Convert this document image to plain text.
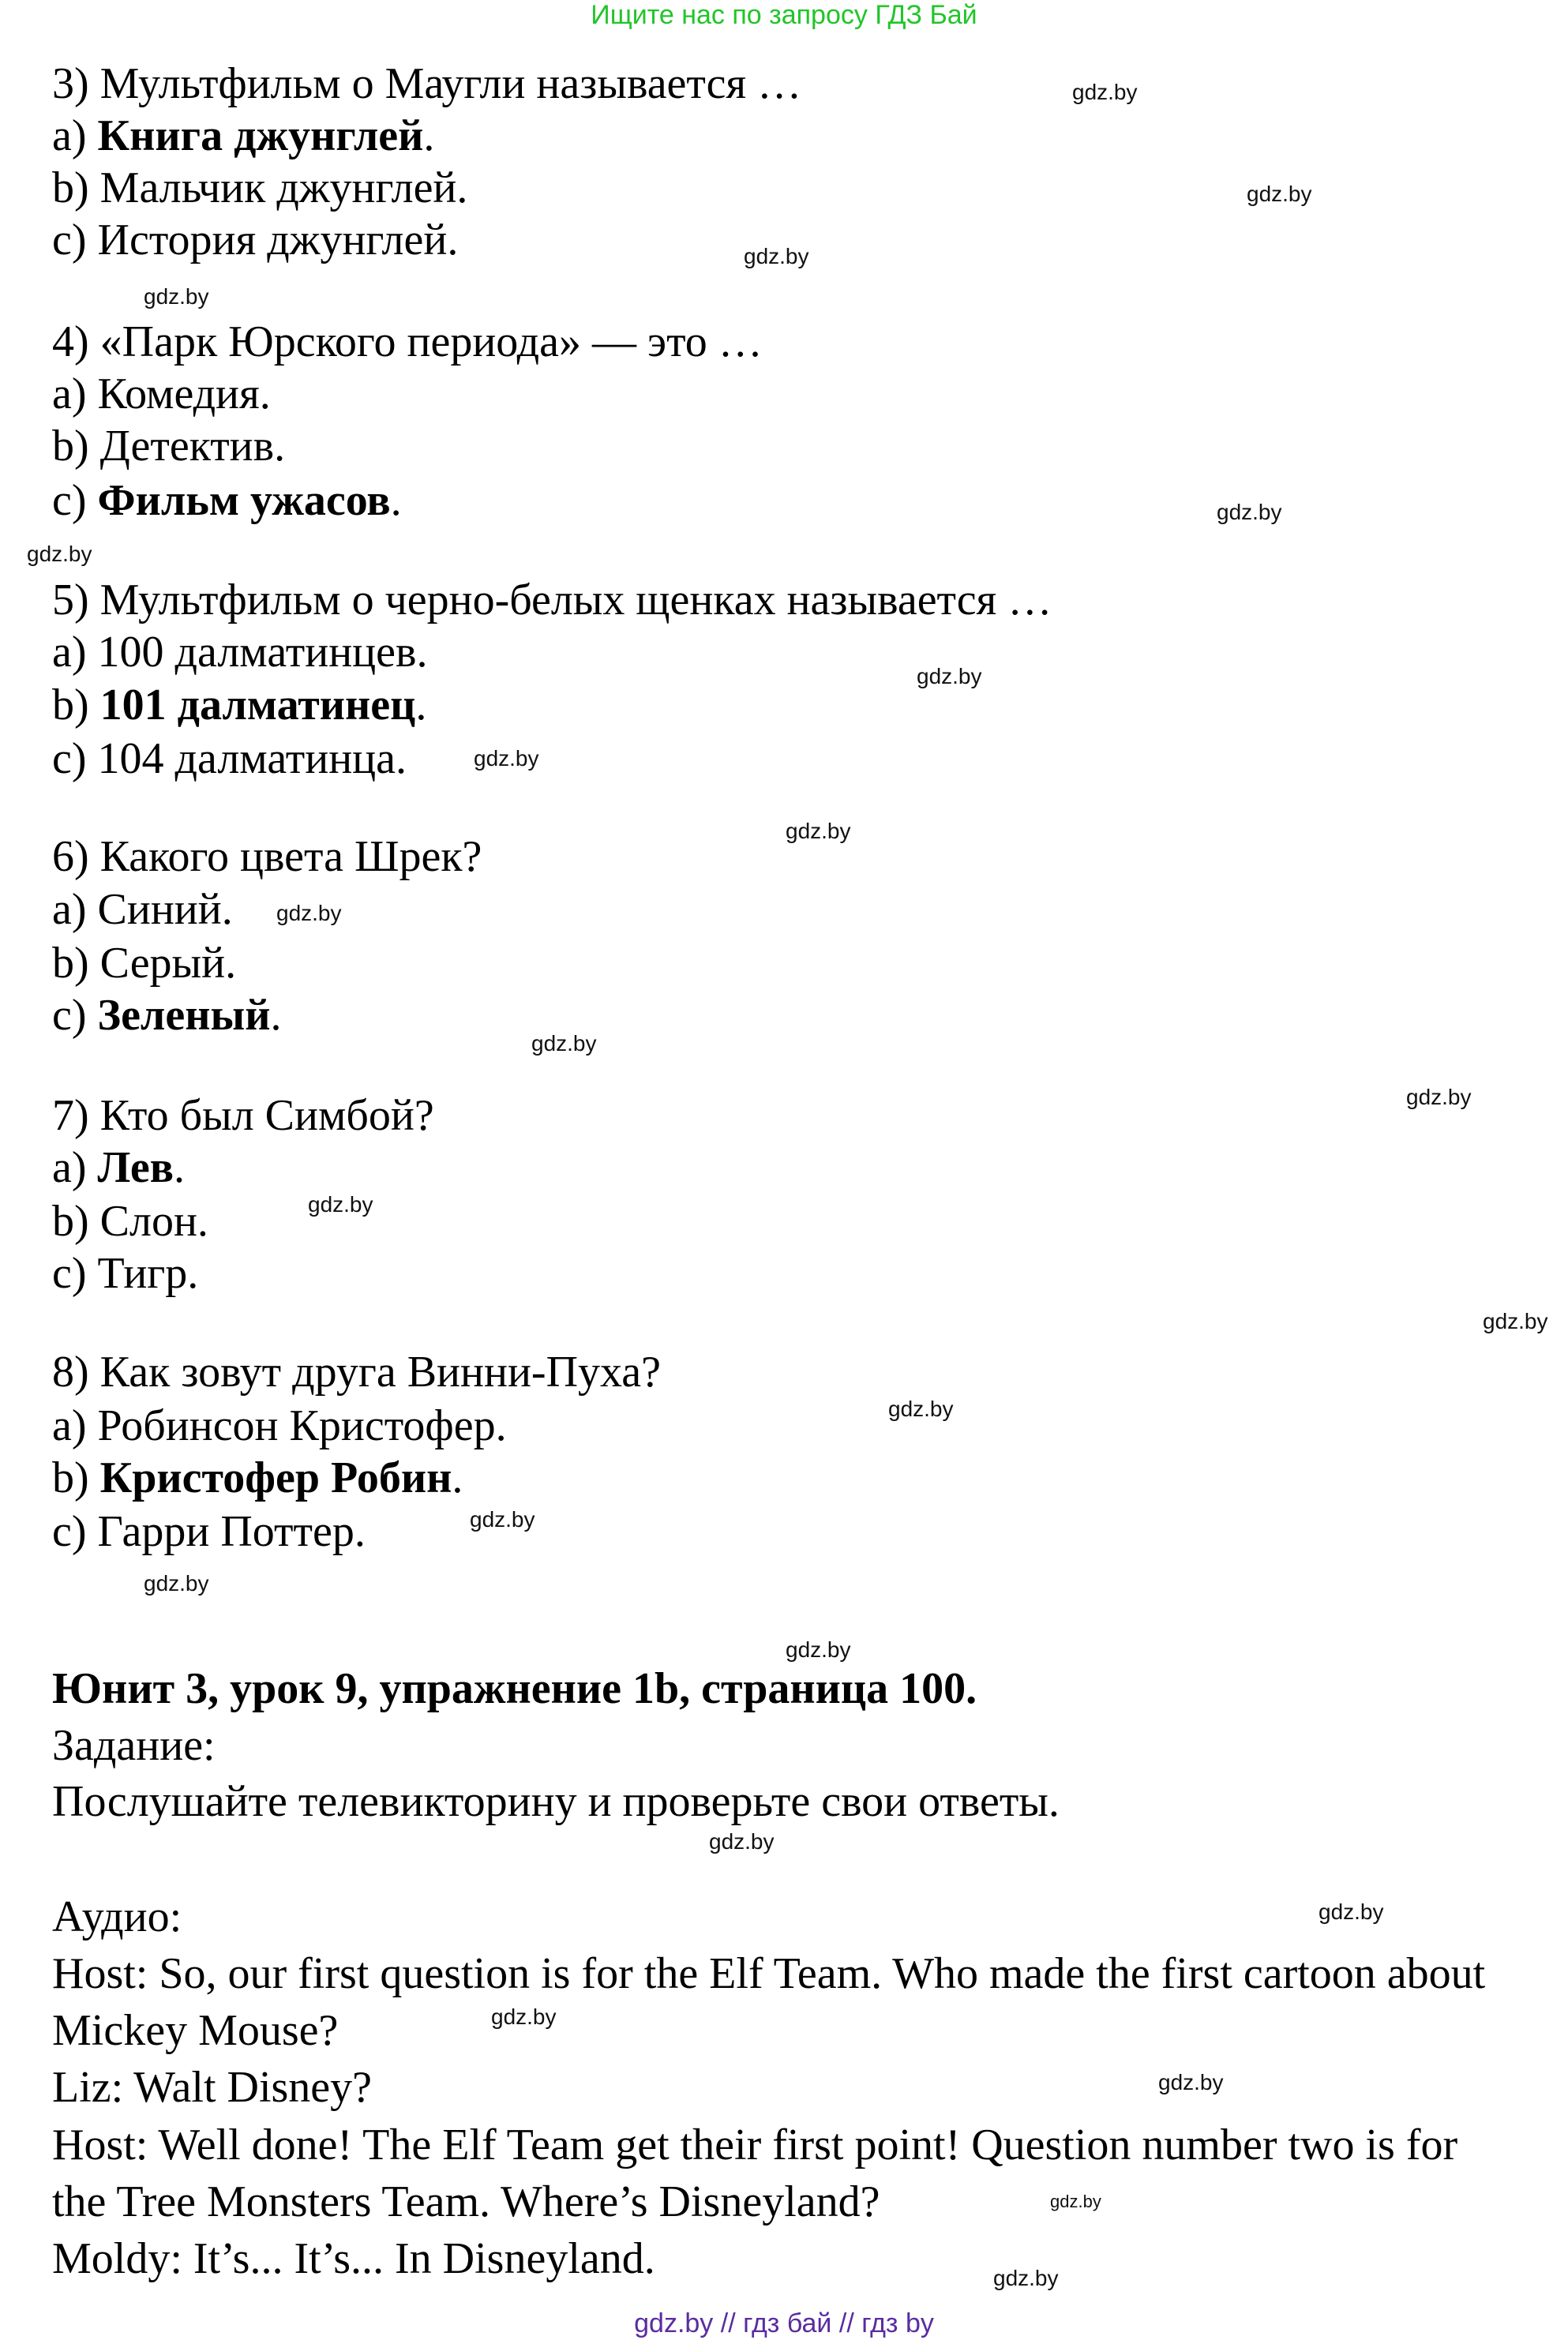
Ищите нас по запросу ГДЗ Бай
3) Мультфильм о Маугли называется …
a) Книга джунглей.
b) Мальчик джунглей.
c) История джунглей.
4) «Парк Юрского периода» — это …
a) Комедия.
b) Детектив.
c) Фильм ужасов.
5) Мультфильм о черно-белых щенках называется …
a) 100 далматинцев.
b) 101 далматинец.
c) 104 далматинца.
6) Какого цвета Шрек?
a) Синий.
b) Серый.
c) Зеленый.
7) Кто был Симбой?
a) Лев.
b) Слон.
c) Тигр.
8) Как зовут друга Винни-Пуха?
a) Робинсон Кристофер.
b) Кристофер Робин.
c) Гарри Поттер.
Юнит 3, урок 9, упражнение 1b, страница 100.
Задание:
Послушайте телевикторину и проверьте свои ответы.
Аудио:
Host: So, our first question is for the Elf Team. Who made the first cartoon about
Mickey Mouse?
Liz: Walt Disney?
Host: Well done! The Elf Team get their first point! Question number two is for
the Tree Monsters Team. Where’s Disneyland?
Moldy: It’s... It’s... In Disneyland.
gdz.by
gdz.by
gdz.by
gdz.by
gdz.by
gdz.by
gdz.by
gdz.by
gdz.by
gdz.by
gdz.by
gdz.by
gdz.by
gdz.by
gdz.by
gdz.by
gdz.by
gdz.by
gdz.by
gdz.by
gdz.by
gdz.by
gdz.by
gdz.by
gdz.by // гдз бай // гдз by
